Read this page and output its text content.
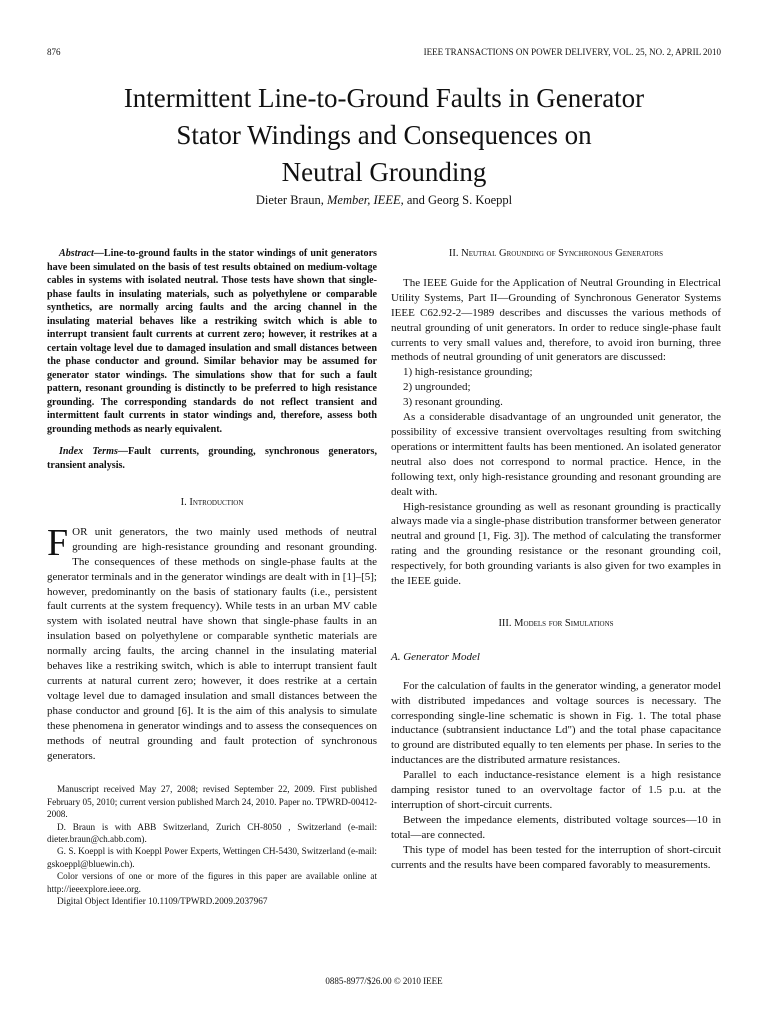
876	IEEE TRANSACTIONS ON POWER DELIVERY, VOL. 25, NO. 2, APRIL 2010
Intermittent Line-to-Ground Faults in Generator
Stator Windings and Consequences on
Neutral Grounding
Dieter Braun, Member, IEEE, and Georg S. Koeppl

Abstract—Line-to-ground faults in the stator windings of unit generators have been simulated on the basis of test results obtained on medium-voltage cables in systems with isolated neutral. Those tests have shown that single-phase faults in insulating materials, such as polyethylene or comparable synthetics, are normally arcing faults and the arcing channel in the insulating material behaves like a restriking switch which is able to interrupt transient fault currents at current zero; however, it restrikes at a certain voltage level due to damaged insulation and small distances between the phase conductor and ground. Similar behavior may be assumed for generator stator windings. The simulations show that for such a fault pattern, resonant grounding is distinctly to be preferred to high resistance grounding. The corresponding standards do not reflect transient and intermittent fault currents in stator windings and, therefore, assess both grounding methods as nearly equivalent.

Index Terms—Fault currents, grounding, synchronous generators, transient analysis.

I. Introduction

FOR unit generators, the two mainly used methods of neutral grounding are high-resistance grounding and resonant grounding. The consequences of these methods on single-phase faults at the generator terminals and in the generator windings are dealt with in [1]–[5]; however, predominantly on the basis of stationary faults (i.e., persistent fault currents at the system frequency). While tests in an urban MV cable system with isolated neutral have shown that single-phase faults in an insulation based on polyethylene or comparable synthetic materials are normally arcing faults, the arcing channel in the insulating material behaves like a restriking switch, which is able to interrupt transient fault currents at natural current zero; however, it does restrike at a certain voltage level due to damaged insulation and small distances between the phase conductor and ground [6]. It is the aim of this analysis to simulate these phenomena in generator windings and to assess the consequences on methods of neutral grounding and fault protection of synchronous generators.

Manuscript received May 27, 2008; revised September 22, 2009. First published February 05, 2010; current version published March 24, 2010. Paper no. TPWRD-00412-2008.

D. Braun is with ABB Switzerland, Zurich CH-8050 , Switzerland (e-mail: dieter.braun@ch.abb.com).

G. S. Koeppl is with Koeppl Power Experts, Wettingen CH-5430, Switzerland (e-mail: gskoeppl@bluewin.ch).

Color versions of one or more of the figures in this paper are available online at http://ieeexplore.ieee.org.

Digital Object Identifier 10.1109/TPWRD.2009.2037967

II. Neutral Grounding of Synchronous Generators

The IEEE Guide for the Application of Neutral Grounding in Electrical Utility Systems, Part II—Grounding of Synchronous Generator Systems IEEE C62.92-2—1989 describes and discusses the various methods of neutral grounding of unit generators. In order to reduce single-phase fault currents to very small values and, therefore, to avoid iron burning, three methods of neutral grounding of unit generators are discussed:

1) high-resistance grounding;
2) ungrounded;
3) resonant grounding.

As a considerable disadvantage of an ungrounded unit generator, the possibility of excessive transient overvoltages resulting from switching operations or intermittent faults has been mentioned. An isolated generator neutral also does not correspond to normal practice. Hence, in the following text, only high-resistance grounding and resonant grounding are dealt with.

High-resistance grounding as well as resonant grounding is practically always made via a single-phase distribution transformer between generator neutral and ground [1, Fig. 3]). The method of calculating the transformer rating and the grounding resistance or the resonant grounding coil, respectively, for both grounding variants is also given for two examples in the IEEE guide.

III. Models for Simulations

A. Generator Model

For the calculation of faults in the generator winding, a generator model with distributed impedances and voltage sources is necessary. The corresponding single-line schematic is shown in Fig. 1. The total phase inductance (subtransient inductance Ld") and the total phase capacitance to ground are distributed equally to ten elements per phase. In series to the inductances are the distributed armature resistances.

Parallel to each inductance-resistance element is a high resistance damping resistor tuned to an overvoltage factor of 1.5 p.u. at the interruption of short-circuit currents.

Between the impedance elements, distributed voltage sources—10 in total—are connected.

This type of model has been tested for the interruption of short-circuit currents and the results have been compared favorably to measurements.

0885-8977/$26.00 © 2010 IEEE
